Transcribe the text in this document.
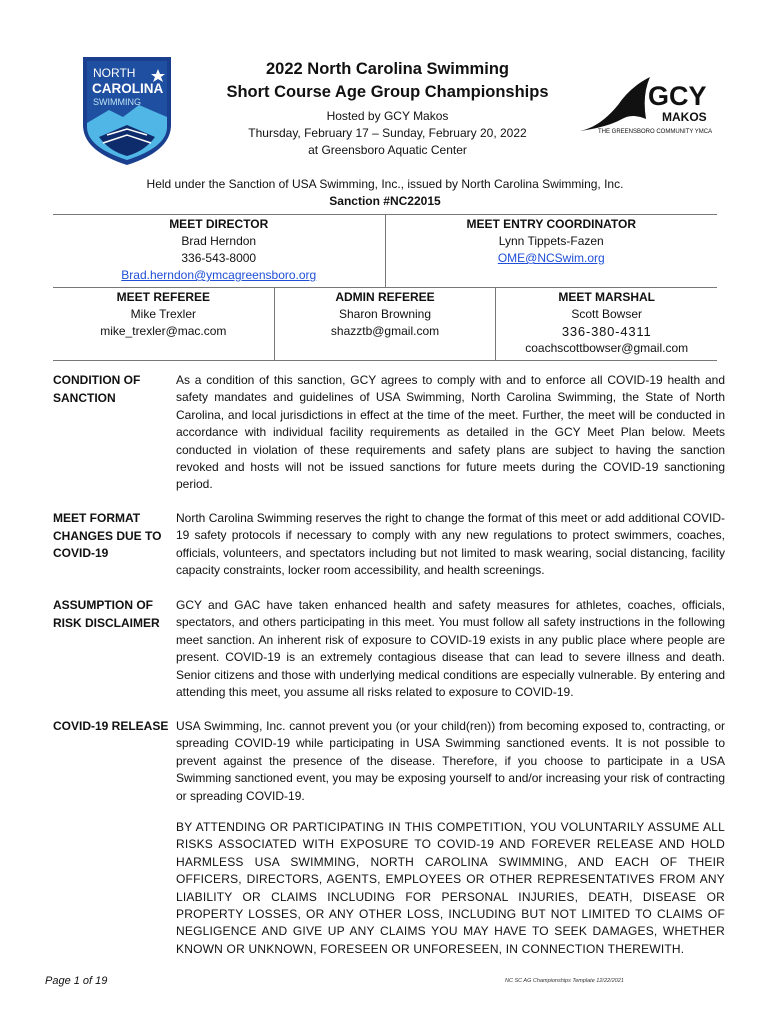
NORTH
CAROLINA
SWIMMING	GCY
MAKOS
THE GREENSBORO COMMUNITY YMCA
2022 North Carolina Swimming
Short Course Age Group Championships
Hosted by GCY Makos
Thursday, February 17 – Sunday, February 20, 2022
at Greensboro Aquatic Center
Held under the Sanction of USA Swimming, Inc., issued by North Carolina Swimming, Inc.
Sanction #NC22015
MEET DIRECTOR
Brad Herndon
336-543-8000
Brad.herndon@ymcagreensboro.org
MEET ENTRY COORDINATOR
Lynn Tippets-Fazen
OME@NCSwim.org
MEET REFEREE
Mike Trexler
mike_trexler@mac.com
ADMIN REFEREE
Sharon Browning
shazztb@gmail.com
MEET MARSHAL
Scott Bowser
336-380-4311
coachscottbowser@gmail.com
CONDITION OF
SANCTION
As a condition of this sanction, GCY agrees to comply with and to enforce all COVID-19 health and safety mandates and guidelines of USA Swimming, North Carolina Swimming, the State of North Carolina, and local jurisdictions in effect at the time of the meet. Further, the meet will be conducted in accordance with individual facility requirements as detailed in the GCY Meet Plan below. Meets conducted in violation of these requirements and safety plans are subject to having the sanction revoked and hosts will not be issued sanctions for future meets during the COVID-19 sanctioning period.
MEET FORMAT
CHANGES DUE TO
COVID-19
North Carolina Swimming reserves the right to change the format of this meet or add additional COVID-19 safety protocols if necessary to comply with any new regulations to protect swimmers, coaches, officials, volunteers, and spectators including but not limited to mask wearing, social distancing, facility capacity constraints, locker room accessibility, and health screenings.
ASSUMPTION OF
RISK DISCLAIMER
GCY and GAC have taken enhanced health and safety measures for athletes, coaches, officials, spectators, and others participating in this meet. You must follow all safety instructions in the following meet sanction. An inherent risk of exposure to COVID-19 exists in any public place where people are present. COVID-19 is an extremely contagious disease that can lead to severe illness and death. Senior citizens and those with underlying medical conditions are especially vulnerable. By entering and attending this meet, you assume all risks related to exposure to COVID-19.
COVID-19 RELEASE USA Swimming, Inc. cannot prevent you (or your child(ren)) from becoming exposed to, contracting, or spreading COVID-19 while participating in USA Swimming sanctioned events. It is not possible to prevent against the presence of the disease. Therefore, if you choose to participate in a USA Swimming sanctioned event, you may be exposing yourself to and/or increasing your risk of contracting or spreading COVID-19.

BY ATTENDING OR PARTICIPATING IN THIS COMPETITION, YOU VOLUNTARILY ASSUME ALL RISKS ASSOCIATED WITH EXPOSURE TO COVID-19 AND FOREVER RELEASE AND HOLD HARMLESS USA SWIMMING, NORTH CAROLINA SWIMMING, AND EACH OF THEIR OFFICERS, DIRECTORS, AGENTS, EMPLOYEES OR OTHER REPRESENTATIVES FROM ANY LIABILITY OR CLAIMS INCLUDING FOR PERSONAL INJURIES, DEATH, DISEASE OR PROPERTY LOSSES, OR ANY OTHER LOSS, INCLUDING BUT NOT LIMITED TO CLAIMS OF NEGLIGENCE AND GIVE UP ANY CLAIMS YOU MAY HAVE TO SEEK DAMAGES, WHETHER KNOWN OR UNKNOWN, FORESEEN OR UNFORESEEN, IN CONNECTION THEREWITH.

Page 1 of 19	NC SC AG Championships Template 12/22/2021
